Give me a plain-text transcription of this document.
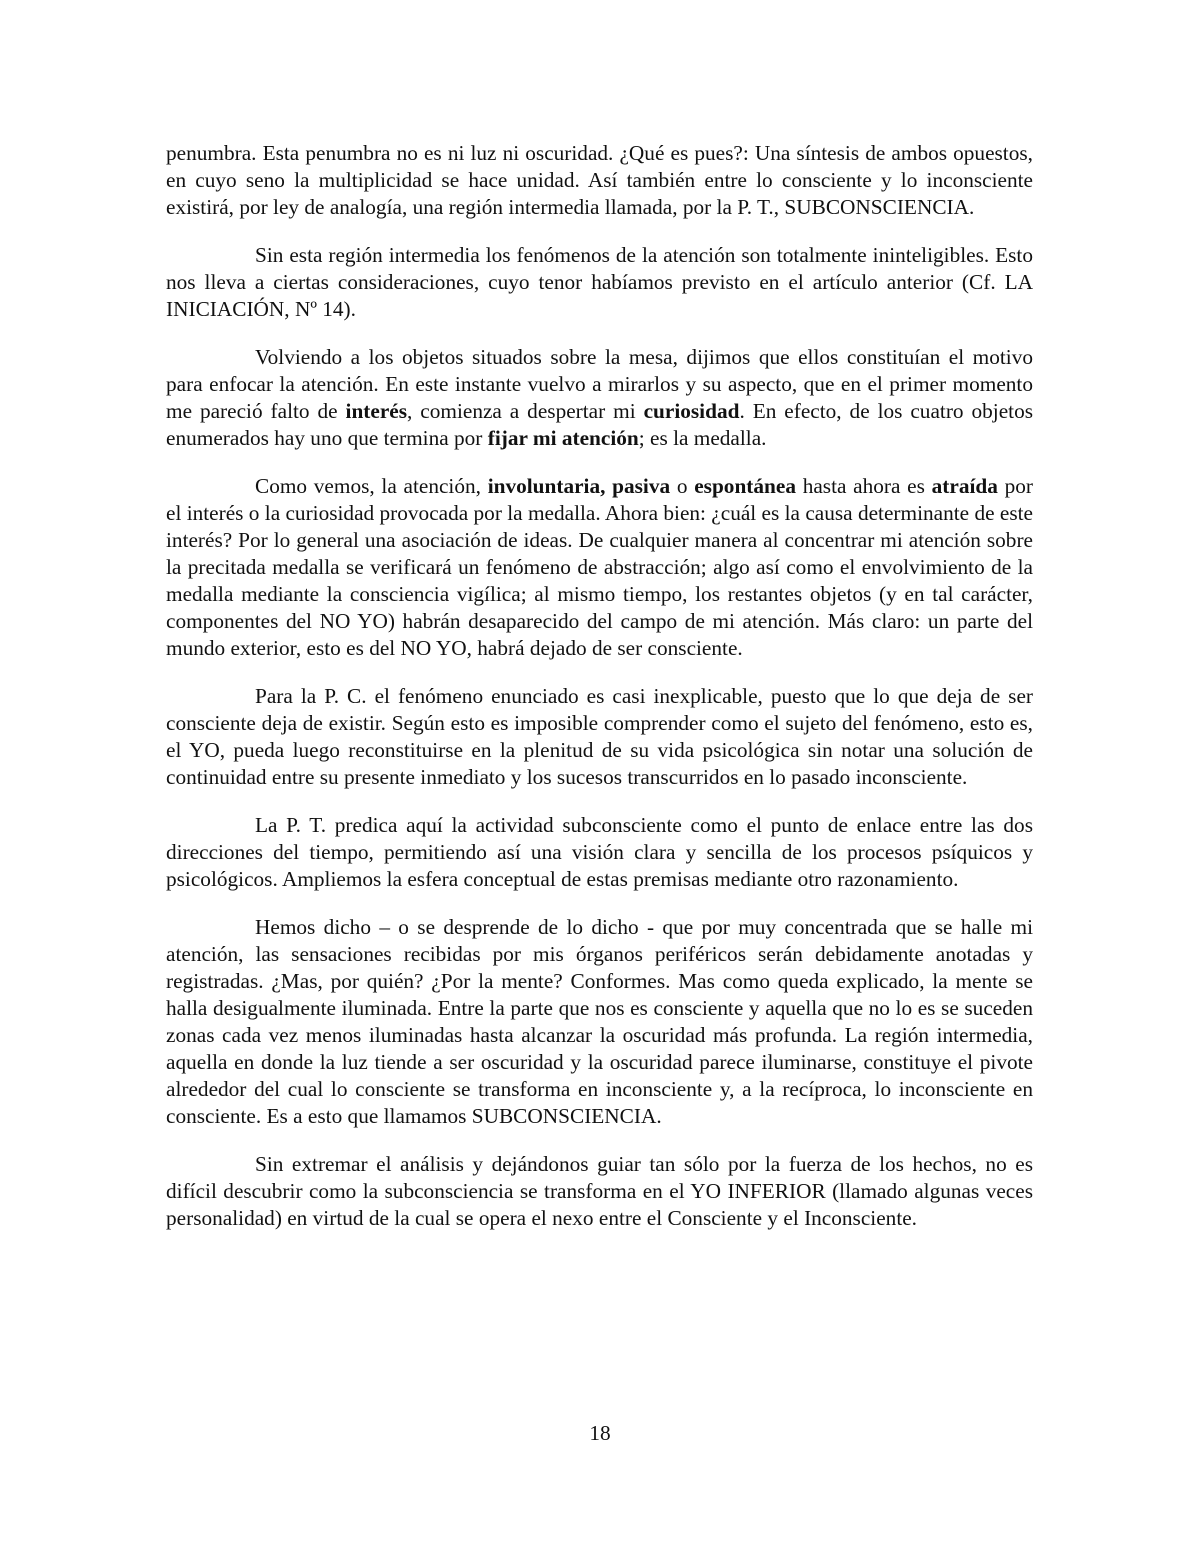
penumbra. Esta penumbra no es ni luz ni oscuridad. ¿Qué es pues?: Una síntesis de ambos opuestos, en cuyo seno la multiplicidad se hace unidad. Así también entre lo consciente y lo inconsciente existirá, por ley de analogía, una región intermedia llamada, por la P. T., SUBCONSCIENCIA.

Sin esta región intermedia los fenómenos de la atención son totalmente ininteligibles. Esto nos lleva a ciertas consideraciones, cuyo tenor habíamos previsto en el artículo anterior (Cf. LA INICIACIÓN, Nº 14).

Volviendo a los objetos situados sobre la mesa, dijimos que ellos constituían el motivo para enfocar la atención. En este instante vuelvo a mirarlos y su aspecto, que en el primer momento me pareció falto de interés, comienza a despertar mi curiosidad. En efecto, de los cuatro objetos enumerados hay uno que termina por fijar mi atención; es la medalla.

Como vemos, la atención, involuntaria, pasiva o espontánea hasta ahora es atraída por el interés o la curiosidad provocada por la medalla. Ahora bien: ¿cuál es la causa determinante de este interés? Por lo general una asociación de ideas. De cualquier manera al concentrar mi atención sobre la precitada medalla se verificará un fenómeno de abstracción; algo así como el envolvimiento de la medalla mediante la consciencia vigílica; al mismo tiempo, los restantes objetos (y en tal carácter, componentes del NO YO) habrán desaparecido del campo de mi atención. Más claro: un parte del mundo exterior, esto es del NO YO, habrá dejado de ser consciente.

Para la P. C. el fenómeno enunciado es casi inexplicable, puesto que lo que deja de ser consciente deja de existir. Según esto es imposible comprender como el sujeto del fenómeno, esto es, el YO, pueda luego reconstituirse en la plenitud de su vida psicológica sin notar una solución de continuidad entre su presente inmediato y los sucesos transcurridos en lo pasado inconsciente.

La P. T. predica aquí la actividad subconsciente como el punto de enlace entre las dos direcciones del tiempo, permitiendo así una visión clara y sencilla de los procesos psíquicos y psicológicos. Ampliemos la esfera conceptual de estas premisas mediante otro razonamiento.

Hemos dicho – o se desprende de lo dicho - que por muy concentrada que se halle mi atención, las sensaciones recibidas por mis órganos periféricos serán debidamente anotadas y registradas. ¿Mas, por quién? ¿Por la mente? Conformes. Mas como queda explicado, la mente se halla desigualmente iluminada. Entre la parte que nos es consciente y aquella que no lo es se suceden zonas cada vez menos iluminadas hasta alcanzar la oscuridad más profunda. La región intermedia, aquella en donde la luz tiende a ser oscuridad y la oscuridad parece iluminarse, constituye el pivote alrededor del cual lo consciente se transforma en inconsciente y, a la recíproca, lo inconsciente en consciente. Es a esto que llamamos SUBCONSCIENCIA.

Sin extremar el análisis y dejándonos guiar tan sólo por la fuerza de los hechos, no es difícil descubrir como la subconsciencia se transforma en el YO INFERIOR (llamado algunas veces personalidad) en virtud de la cual se opera el nexo entre el Consciente y el Inconsciente.

18
